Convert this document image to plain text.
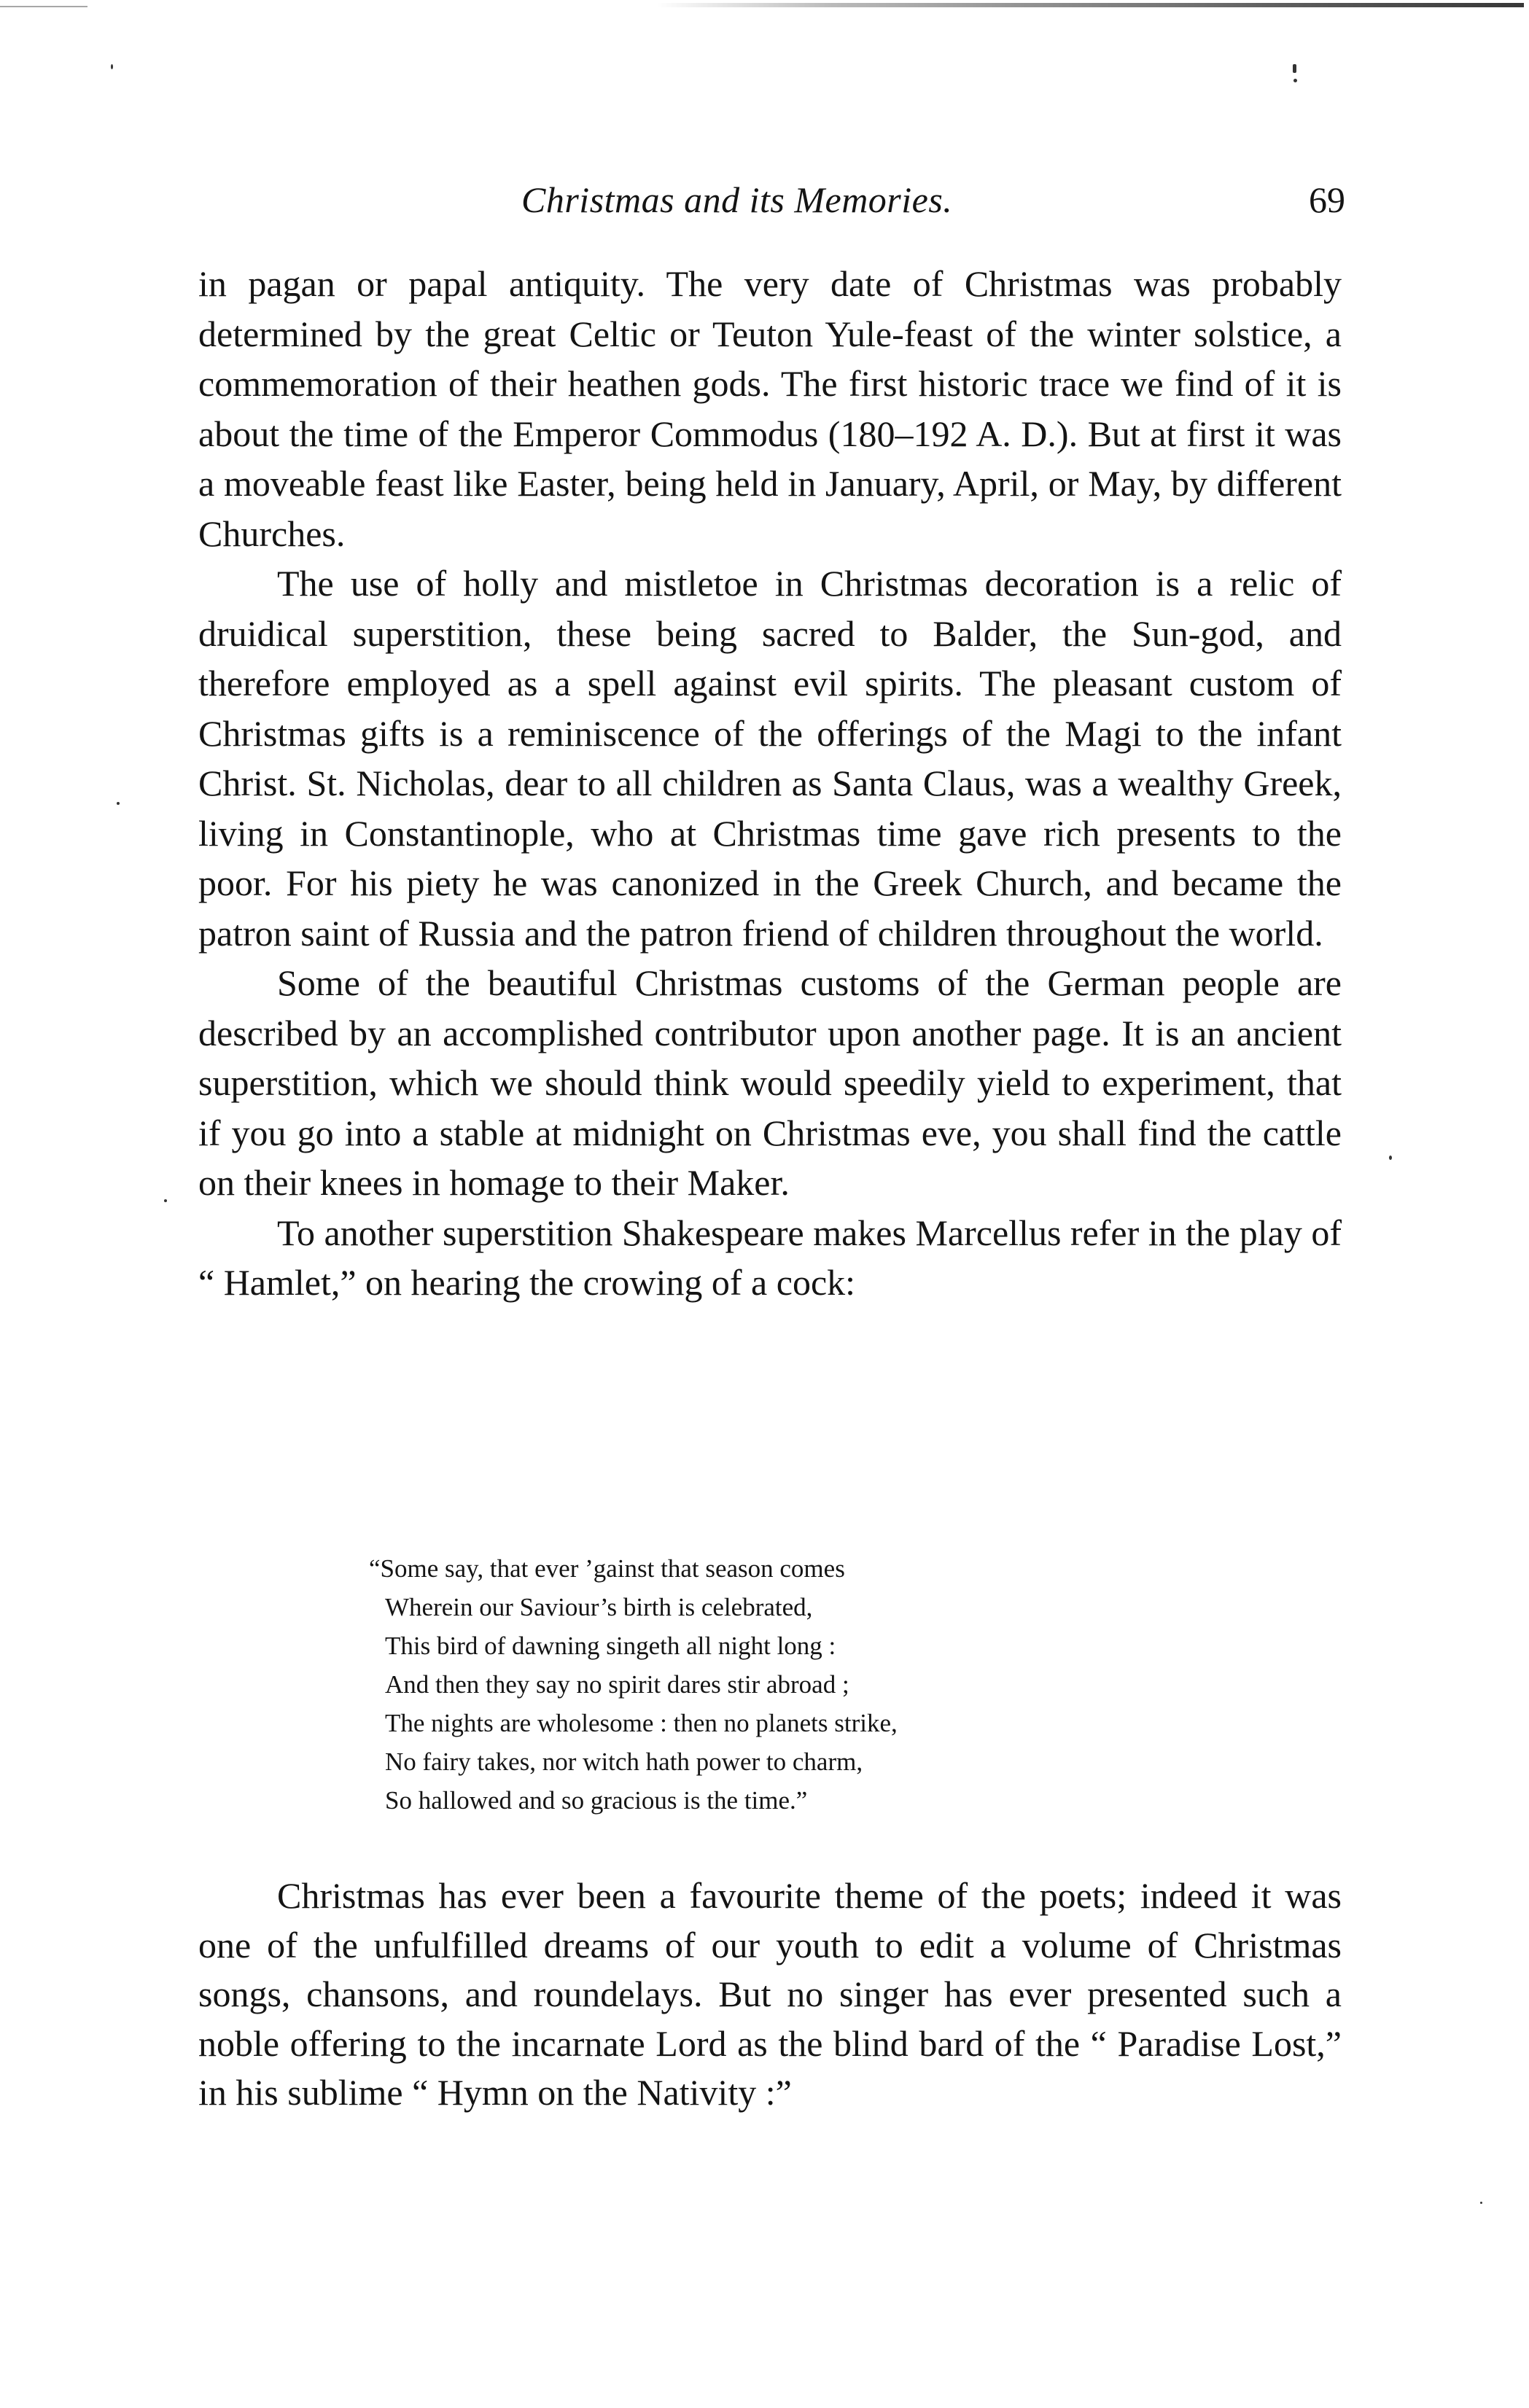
Christmas and its Memories.	69

in pagan or papal antiquity. The very date of Christmas was probably determined by the great Celtic or Teuton Yule-feast of the winter solstice, a commemoration of their heathen gods. The first historic trace we find of it is about the time of the Emperor Commodus (180–192 A. D.). But at first it was a moveable feast like Easter, being held in January, April, or May, by different Churches.

The use of holly and mistletoe in Christmas decoration is a relic of druidical superstition, these being sacred to Balder, the Sun-god, and therefore employed as a spell against evil spirits. The pleasant custom of Christmas gifts is a reminiscence of the offerings of the Magi to the infant Christ. St. Nicholas, dear to all children as Santa Claus, was a wealthy Greek, living in Constantinople, who at Christmas time gave rich presents to the poor. For his piety he was canonized in the Greek Church, and became the patron saint of Russia and the patron friend of children throughout the world.

Some of the beautiful Christmas customs of the German people are described by an accomplished contributor upon another page. It is an ancient superstition, which we should think would speedily yield to experiment, that if you go into a stable at midnight on Christmas eve, you shall find the cattle on their knees in homage to their Maker.

To another superstition Shakespeare makes Marcellus refer in the play of “ Hamlet,” on hearing the crowing of a cock:

“Some say, that ever ’gainst that season comes
Wherein our Saviour’s birth is celebrated,
This bird of dawning singeth all night long :
And then they say no spirit dares stir abroad ;
The nights are wholesome : then no planets strike,
No fairy takes, nor witch hath power to charm,
So hallowed and so gracious is the time.”

Christmas has ever been a favourite theme of the poets; indeed it was one of the unfulfilled dreams of our youth to edit a volume of Christmas songs, chansons, and roundelays. But no singer has ever presented such a noble offering to the incarnate Lord as the blind bard of the “ Paradise Lost,” in his sublime “ Hymn on the Nativity :”
